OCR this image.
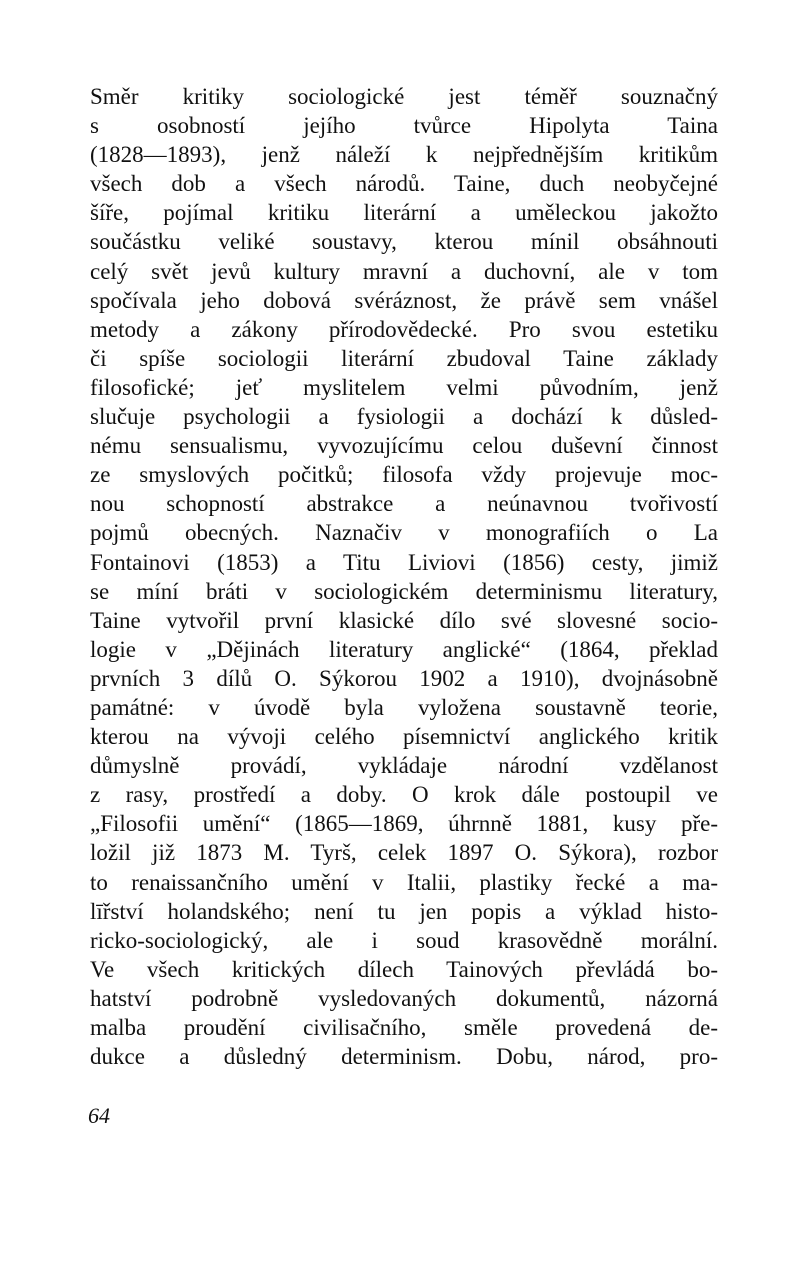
Směr kritiky sociologické jest téměř souznačný
s osobností jejího tvůrce Hipolyta Taina
(1828—1893), jenž náleží k nejpřednějším kritikům
všech dob a všech národů. Taine, duch neobyčejné
šíře, pojímal kritiku literární a uměleckou jakožto
součástku veliké soustavy, kterou mínil obsáhnouti
celý svět jevů kultury mravní a duchovní, ale v tom
spočívala jeho dobová svéráznost, že právě sem vnášel
metody a zákony přírodovědecké. Pro svou estetiku
či spíše sociologii literární zbudoval Taine základy
filosofické; jeť myslitelem velmi původním, jenž
slučuje psychologii a fysiologii a dochází k důsled-
nému sensualismu, vyvozujícímu celou duševní činnost
ze smyslových počitků; filosofa vždy projevuje moc-
nou schopností abstrakce a neúnavnou tvořivostí
pojmů obecných. Naznačiv v monografiích o La
Fontainovi (1853) a Titu Liviovi (1856) cesty, jimiž
se míní bráti v sociologickém determinismu literatury,
Taine vytvořil první klasické dílo své slovesné socio-
logie v „Dějinách literatury anglické“ (1864, překlad
prvních 3 dílů O. Sýkorou 1902 a 1910), dvojnásobně
památné: v úvodě byla vyložena soustavně teorie,
kterou na vývoji celého písemnictví anglického kritik
důmyslně provádí, vykládaje národní vzdělanost
z rasy, prostředí a doby. O krok dále postoupil ve
„Filosofii umění“ (1865—1869, úhrnně 1881, kusy pře-
ložil již 1873 M. Tyrš, celek 1897 O. Sýkora), rozbor
to renaissančního umění v Italii, plastiky řecké a ma-
līřství holandského; není tu jen popis a výklad histo-
ricko-sociologický, ale i soud krasovědně morální.
Ve všech kritických dílech Tainových převládá bo-
hatství podrobně vysledovaných dokumentů, názorná
malba proudění civilisačního, směle provedená de-
dukce a důsledný determinism. Dobu, národ, pro-
64
